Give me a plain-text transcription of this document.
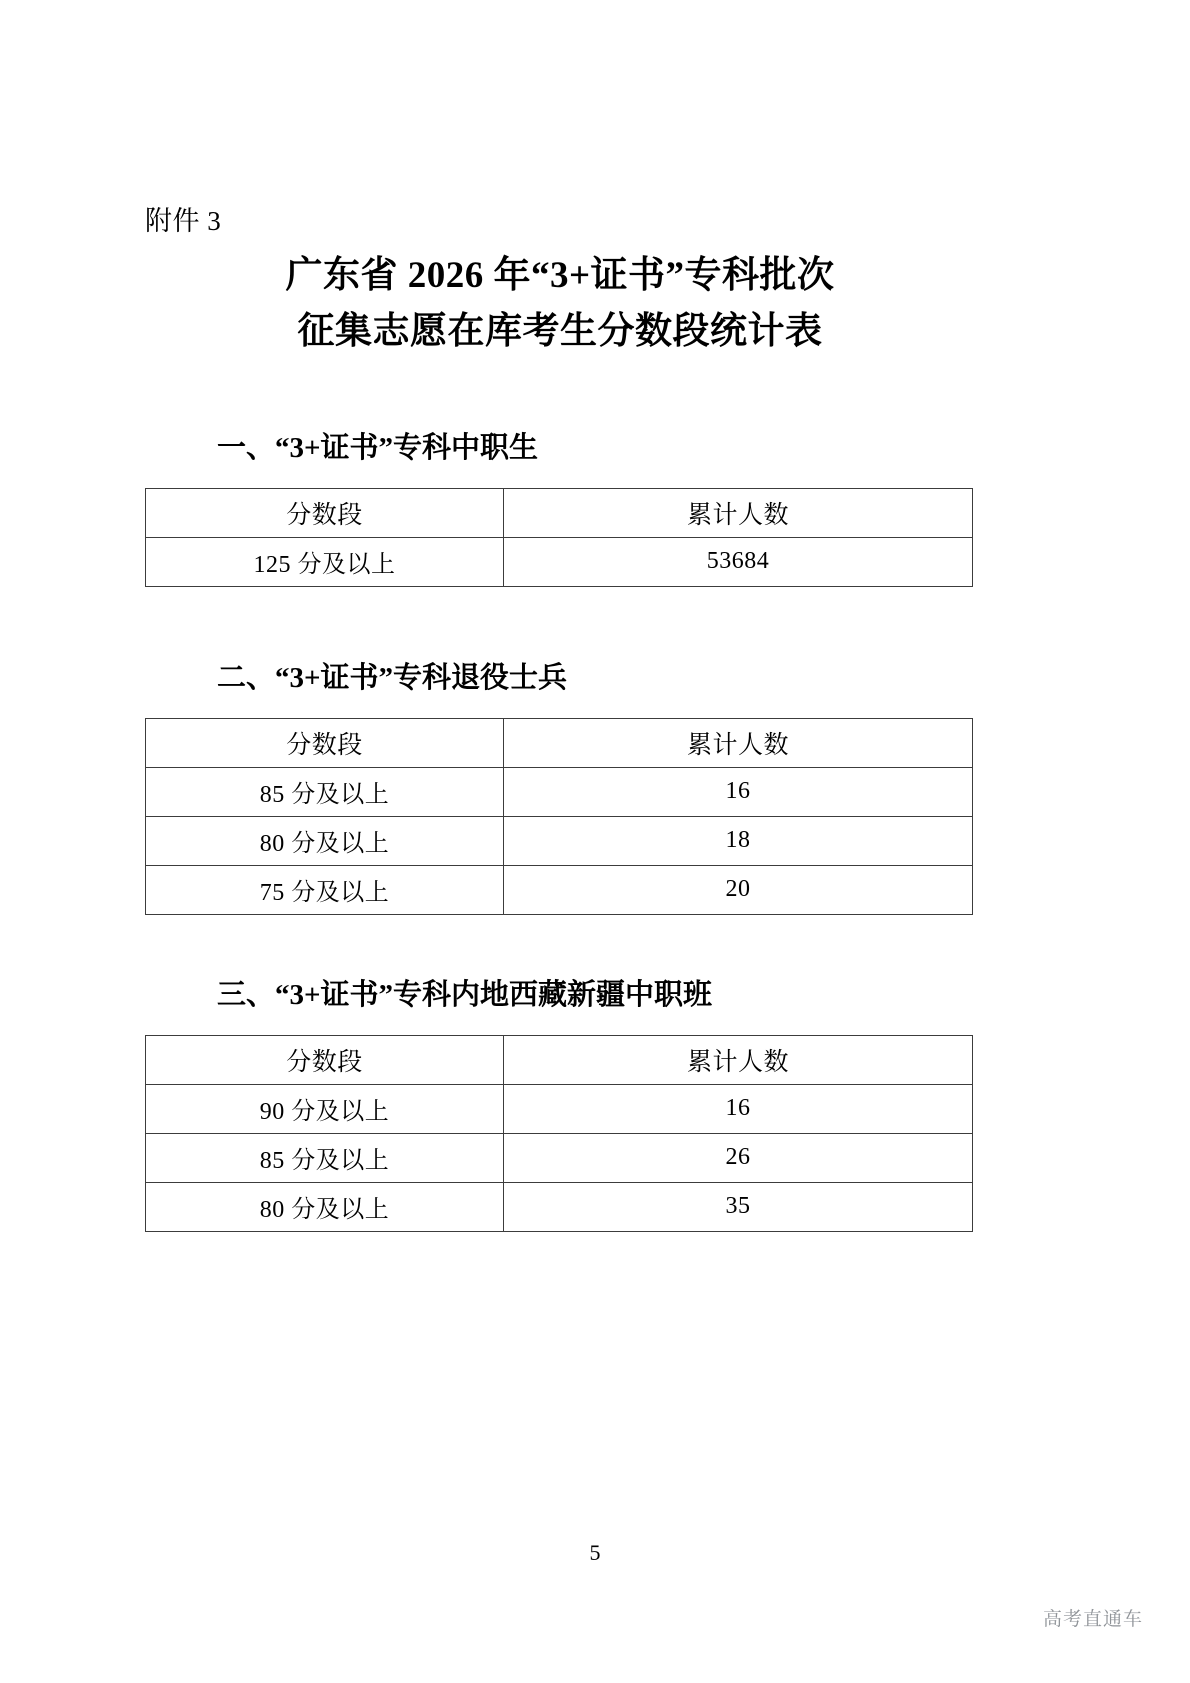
附件 3
广东省 2026 年“3+证书”专科批次
征集志愿在库考生分数段统计表
一、“3+证书”专科中职生
分数段	累计人数
125 分及以上	53684
二、“3+证书”专科退役士兵
分数段	累计人数
85 分及以上	16
80 分及以上	18
75 分及以上	20
三、“3+证书”专科内地西藏新疆中职班
分数段	累计人数
90 分及以上	16
85 分及以上	26
80 分及以上	35
5
高考直通车
